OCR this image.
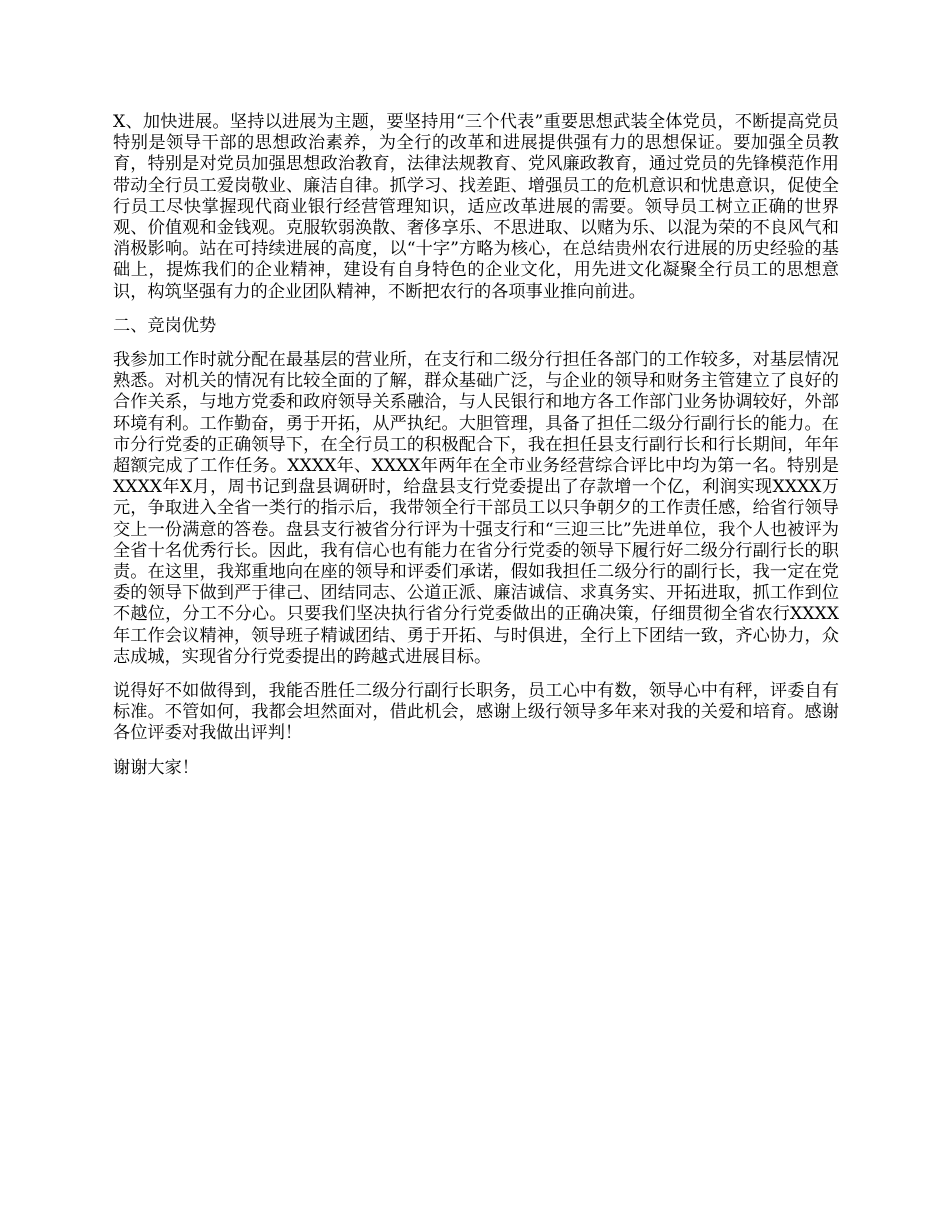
X、加快进展。坚持以进展为主题，要坚持用“三个代表”重要思想武装全体党员，不断提高党员特别是领导干部的思想政治素养，为全行的改革和进展提供强有力的思想保证。要加强全员教育，特别是对党员加强思想政治教育，法律法规教育、党风廉政教育，通过党员的先锋模范作用带动全行员工爱岗敬业、廉洁自律。抓学习、找差距、增强员工的危机意识和忧患意识，促使全行员工尽快掌握现代商业银行经营管理知识，适应改革进展的需要。领导员工树立正确的世界观、价值观和金钱观。克服软弱涣散、奢侈享乐、不思进取、以赌为乐、以混为荣的不良风气和消极影响。站在可持续进展的高度，以“十字”方略为核心，在总结贵州农行进展的历史经验的基础上，提炼我们的企业精神，建设有自身特色的企业文化，用先进文化凝聚全行员工的思想意识，构筑坚强有力的企业团队精神，不断把农行的各项事业推向前进。

二、竞岗优势

我参加工作时就分配在最基层的营业所，在支行和二级分行担任各部门的工作较多，对基层情况熟悉。对机关的情况有比较全面的了解，群众基础广泛，与企业的领导和财务主管建立了良好的合作关系，与地方党委和政府领导关系融洽，与人民银行和地方各工作部门业务协调较好，外部环境有利。工作勤奋，勇于开拓，从严执纪。大胆管理，具备了担任二级分行副行长的能力。在市分行党委的正确领导下，在全行员工的积极配合下，我在担任县支行副行长和行长期间，年年超额完成了工作任务。XXXX年、XXXX年两年在全市业务经营综合评比中均为第一名。特别是XXXX年X月，周书记到盘县调研时，给盘县支行党委提出了存款增一个亿，利润实现XXXX万元，争取进入全省一类行的指示后，我带领全行干部员工以只争朝夕的工作责任感，给省行领导交上一份满意的答卷。盘县支行被省分行评为十强支行和“三迎三比”先进单位，我个人也被评为全省十名优秀行长。因此，我有信心也有能力在省分行党委的领导下履行好二级分行副行长的职责。在这里，我郑重地向在座的领导和评委们承诺，假如我担任二级分行的副行长，我一定在党委的领导下做到严于律己、团结同志、公道正派、廉洁诚信、求真务实、开拓进取，抓工作到位不越位，分工不分心。只要我们坚决执行省分行党委做出的正确决策，仔细贯彻全省农行XXXX年工作会议精神，领导班子精诚团结、勇于开拓、与时俱进，全行上下团结一致，齐心协力，众志成城，实现省分行党委提出的跨越式进展目标。

说得好不如做得到，我能否胜任二级分行副行长职务，员工心中有数，领导心中有秤，评委自有标准。不管如何，我都会坦然面对，借此机会，感谢上级行领导多年来对我的关爱和培育。感谢各位评委对我做出评判！

谢谢大家！
